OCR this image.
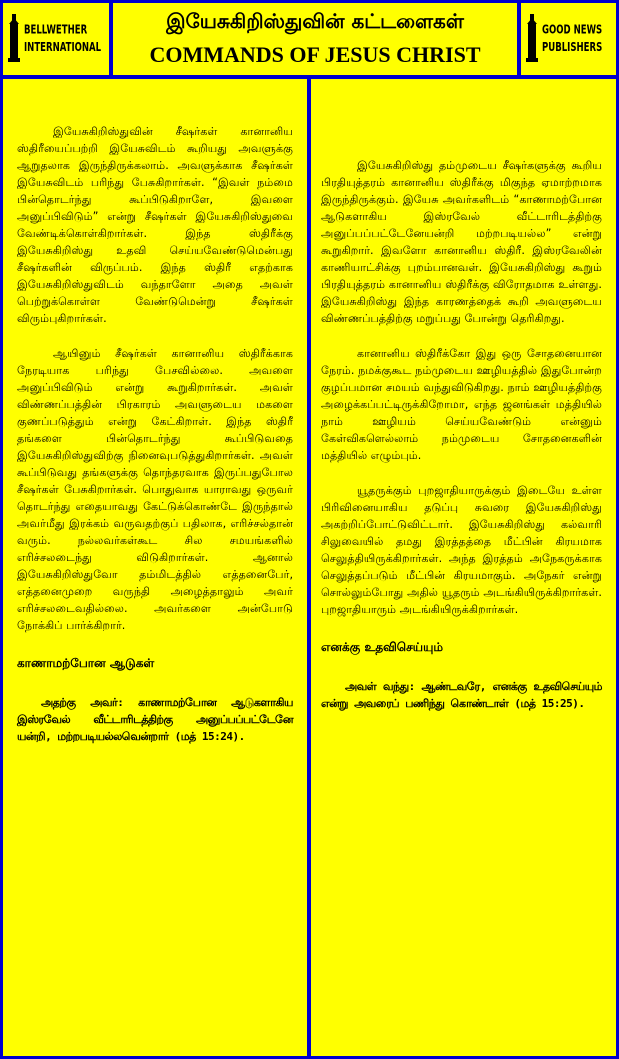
BELLWETHER
INTERNATIONAL
இயேசுகிறிஸ்துவின் கட்டளைகள்
COMMANDS OF JESUS CHRIST
GOOD NEWS
PUBLISHERS

இயேசுகிறிஸ்துவின் சீஷர்கள் கானானிய ஸ்திரீயைப்பற்றி இயேசுவிடம் கூறியது அவளுக்கு ஆறுதலாக இருந்திருக்கலாம். அவளுக்காக சீஷர்கள் இயேசுவிடம் பரிந்து பேசுகிறார்கள். “இவள் நம்மை பின்தொடர்ந்து கூப்பிடுகிறாளே, இவளை அனுப்பிவிடும்” என்று சீஷர்கள் இயேசுகிறிஸ்துவை வேண்டிக்கொள்கிறார்கள். இந்த ஸ்திரீக்கு இயேசுகிறிஸ்து உதவி செய்யவேண்டுமென்பது சீஷர்களின் விருப்பம். இந்த ஸ்திரீ எதற்காக இயேசுகிறிஸ்துவிடம் வந்தாளோ அதை அவள் பெற்றுக்கொள்ள வேண்டுமென்று சீஷர்கள் விரும்புகிறார்கள்.

ஆயினும் சீஷர்கள் கானானிய ஸ்திரீக்காக நேரடியாக பரிந்து பேசவில்லை. அவளை அனுப்பிவிடும் என்று கூறுகிறார்கள். அவள் விண்ணப்பத்தின் பிரகாரம் அவளுடைய மகளை குணப்படுத்தும் என்று கேட்கிறாள். இந்த ஸ்திரீ தங்களை பின்தொடர்ந்து கூப்பிடுவதை இயேசுகிறிஸ்துவிற்கு நினைவுபடுத்துகிறார்கள். அவள் கூப்பிடுவது தங்களுக்கு தொந்தரவாக இருப்பதுபோல சீஷர்கள் பேசுகிறார்கள். பொதுவாக யாராவது ஒருவர் தொடர்ந்து எதையாவது கேட்டுக்கொண்டே இருந்தால் அவர்மீது இரக்கம் வருவதற்குப் பதிலாக, எரிச்சல்தான் வரும். நல்லவர்கள்கூட சில சமயங்களில் எரிச்சலடைந்து விடுகிறார்கள். ஆனால் இயேசுகிறிஸ்துவோ தம்மிடத்தில் எத்தனைபேர், எத்தனைமுறை வருந்தி அழைத்தாலும் அவர் எரிச்சலடைவதில்லை. அவர்களை அன்போடு நோக்கிப் பார்க்கிறார்.

காணாமற்போன ஆடுகள்

அதற்கு அவர்: காணாமற்போன ஆடுகளாகிய இஸ்ரவேல் வீட்டாரிடத்திற்கு அனுப்பப்பட்டேனே யன்றி, மற்றபடியல்லவென்றார் (மத் 15:24).

இயேசுகிறிஸ்து தம்முடைய சீஷர்களுக்கு கூறிய பிரதியுத்தரம் கானானிய ஸ்திரீக்கு மிகுந்த ஏமாற்றமாக இருந்திருக்கும். இயேசு அவர்களிடம் “காணாமற்போன ஆடுகளாகிய இஸ்ரவேல் வீட்டாரிடத்திற்கு அனுப்பப்பட்டேனேயன்றி மற்றபடியல்ல” என்று கூறுகிறார். இவளோ கானானிய ஸ்திரீ. இஸ்ரவேலின் காணியாட்சிக்கு புறம்பானவள். இயேசுகிறிஸ்து கூறும் பிரதியுத்தரம் கானானிய ஸ்திரீக்கு விரோதமாக உள்ளது. இயேசுகிறிஸ்து இந்த காரணத்தைக் கூறி அவளுடைய விண்ணப்பத்திற்கு மறுப்பது போன்று தெரிகிறது.

கானானிய ஸ்திரீக்கோ இது ஒரு சோதனையான நேரம். நமக்குகூட நம்முடைய ஊழியத்தில் இதுபோன்ற குழப்பமான சமயம் வந்துவிடுகிறது. நாம் ஊழியத்திற்கு அழைக்கப்பட்டிருக்கிறோமா, எந்த ஜனங்கள் மத்தியில் நாம் ஊழியம் செய்யவேண்டும் என்னும் கேள்விகளெல்லாம் நம்முடைய சோதனைகளின் மத்தியில் எழும்பும்.

யூதருக்கும் புறஜாதியாருக்கும் இடையே உள்ள பிரிவினையாகிய தடுப்பு சுவரை இயேசுகிறிஸ்து அகற்றிப்போட்டுவிட்டார். இயேசுகிறிஸ்து கல்வாரி சிலுவையில் தமது இரத்தத்தை மீட்பின் கிரயமாக செலுத்தியிருக்கிறார்கள். அந்த இரத்தம் அநேகருக்காக செலுத்தப்படும் மீட்பின் கிரயமாகும். அநேகர் என்று சொல்லும்போது அதில் யூதரும் அடங்கியிருக்கிறார்கள். புறஜாதியாரும் அடங்கியிருக்கிறார்கள்.

எனக்கு உதவிசெய்யும்

அவள் வந்து: ஆண்டவரே, எனக்கு உதவிசெய்யும் என்று அவரைப் பணிந்து கொண்டாள் (மத் 15:25).
